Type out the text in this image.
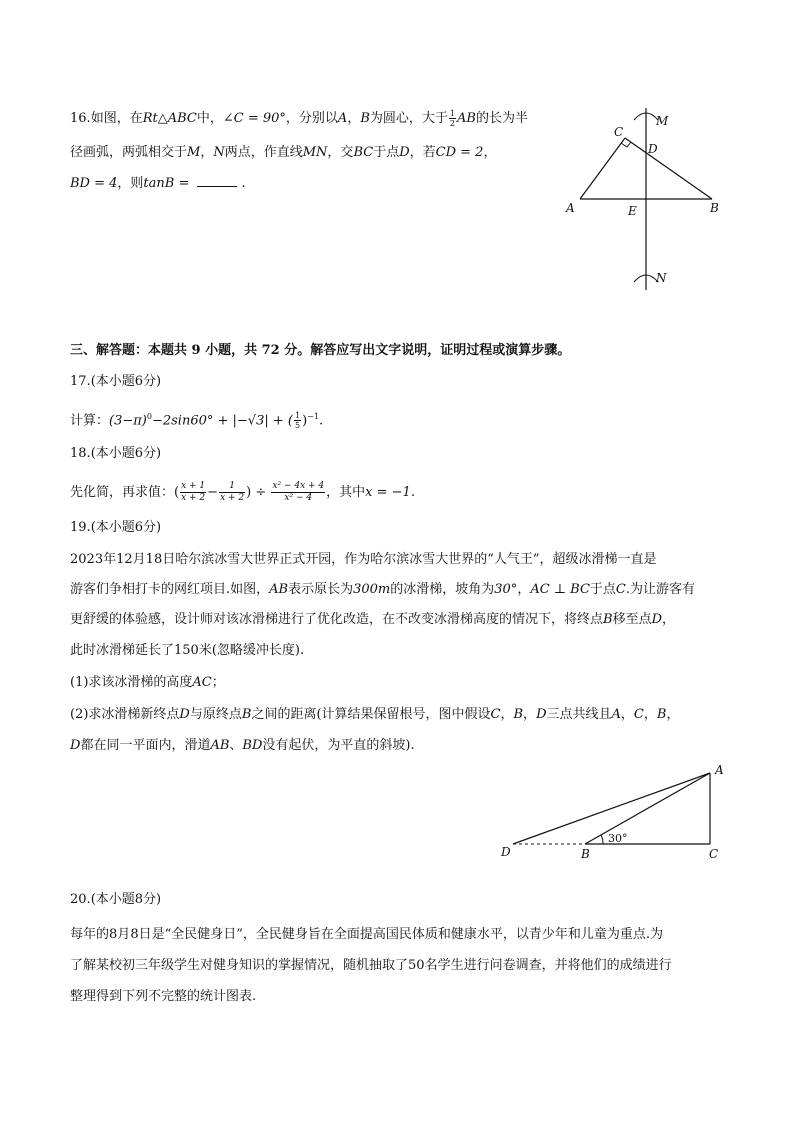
16.如图，在Rt△ABC中，∠C = 90°，分别以A，B为圆心，大于 $\frac{1}{2}$ AB的长为半
径画弧，两弧相交于M，N两点，作直线MN，交BC于点D，若CD = 2，
BD = 4，则tanB =	.
C
D
M
A	E	B
N
三、解答题：本题共 9 小题，共 72 分。解答应写出文字说明，证明过程或演算步骤。
17.(本小题6分)
计算：$(3-\pi)^0-2\sin 60^\circ + |-√3|$ + ( $\frac{1}{5} )^{-1}$.
18.(本小题6分)
先化简，再求值：( $\frac{x + 1}{x + 2} - \frac{1}{x + 2}$ ) ÷ $\frac{\text{x² − 4x + 4}}{\text{x² − 4}}$ ，其中x = −1.
19.(本小题6分)
2023年12月18日哈尔滨冰雪大世界正式开园，作为哈尔滨冰雪大世界的“人气王”，超级冰滑梯一直是
游客们争相打卡的网红项目.如图，AB表示原长为300m的冰滑梯，坡角为30°，AC ⊥ BC于点C.为让游客有
更舒缓的体验感，设计师对该冰滑梯进行了优化改造，在不改变冰滑梯高度的情况下，将终点B移至点D，
此时冰滑梯延长了150米(忽略缓冲长度).
(1)求该冰滑梯的高度AC；
(2)求冰滑梯新终点D与原终点B之间的距离(计算结果保留根号，图中假设C，B，D三点共线且A，C，B，
D都在同一平面内，滑道AB、BD没有起伏，为平直的斜坡).
A
B	C
D
30°
20.(本小题8分)
每年的8月8日是“全民健身日”，全民健身旨在全面提高国民体质和健康水平，以青少年和儿童为重点.为
了解某校初三年级学生对健身知识的掌握情况，随机抽取了50名学生进行问卷调查，并将他们的成绩进行
整理得到下列不完整的统计图表.
